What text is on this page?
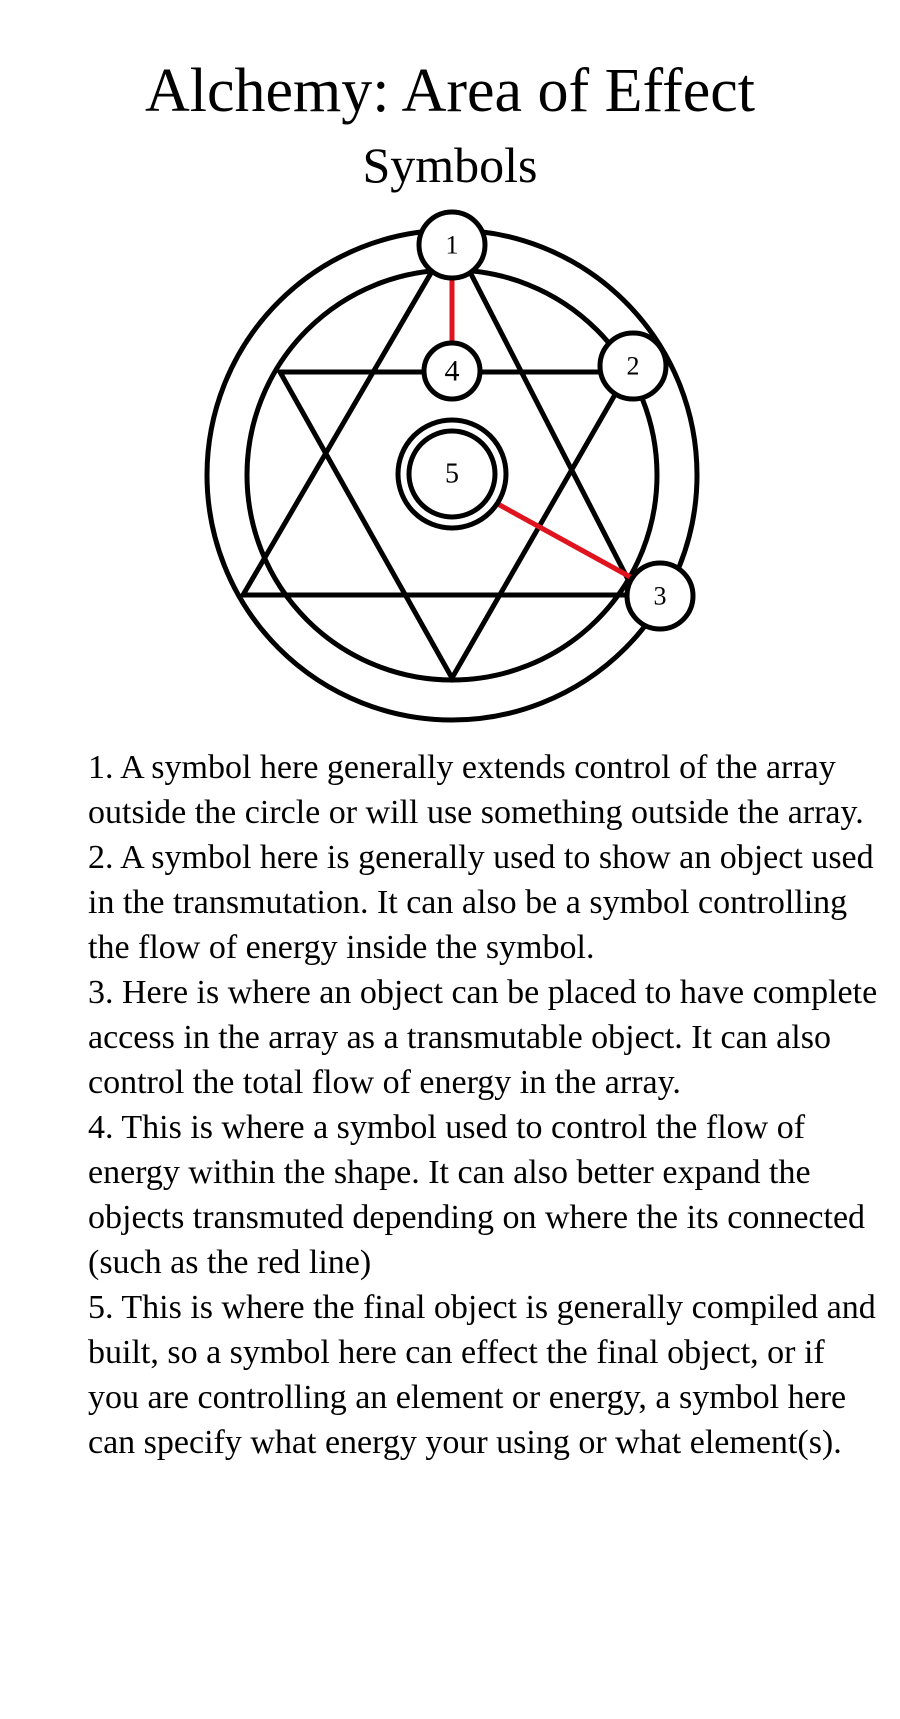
Alchemy: Area of Effect
Symbols
1
2
3
4
5
1. A symbol here generally extends control of the array outside the circle or will use something outside the array.
2. A symbol here is generally used to show an object used in the transmutation. It can also be a symbol controlling the flow of energy inside the symbol.
3. Here is where an object can be placed to have complete access in the array as a transmutable object. It can also control the total flow of energy in the array.
4. This is where a symbol used to control the flow of energy within the shape. It can also better expand the objects transmuted depending on where the its connected (such as the red line)
5. This is where the final object is generally compiled and built, so a symbol here can effect the final object, or if you are controlling an element or energy, a symbol here can specify what energy your using or what element(s).
